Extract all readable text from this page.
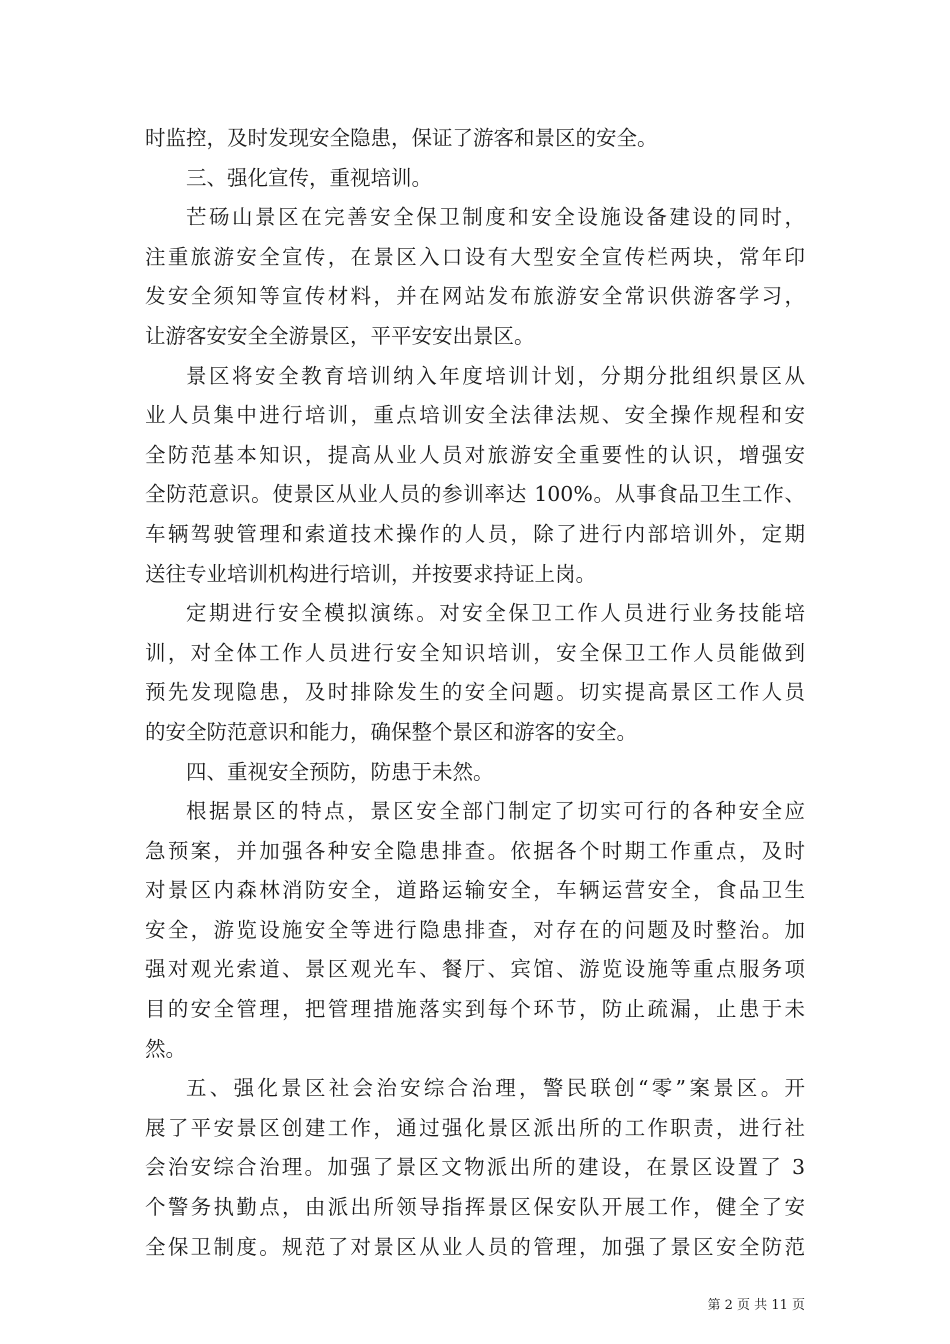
时监控，及时发现安全隐患，保证了游客和景区的安全。
三、强化宣传，重视培训。
芒砀山景区在完善安全保卫制度和安全设施设备建设的同时，
注重旅游安全宣传，在景区入口设有大型安全宣传栏两块，常年印
发安全须知等宣传材料，并在网站发布旅游安全常识供游客学习，
让游客安安全全游景区，平平安安出景区。
景区将安全教育培训纳入年度培训计划，分期分批组织景区从
业人员集中进行培训，重点培训安全法律法规、安全操作规程和安
全防范基本知识，提高从业人员对旅游安全重要性的认识，增强安
全防范意识。使景区从业人员的参训率达 100%。从事食品卫生工作、
车辆驾驶管理和索道技术操作的人员，除了进行内部培训外，定期
送往专业培训机构进行培训，并按要求持证上岗。
定期进行安全模拟演练。对安全保卫工作人员进行业务技能培
训，对全体工作人员进行安全知识培训，安全保卫工作人员能做到
预先发现隐患，及时排除发生的安全问题。切实提高景区工作人员
的安全防范意识和能力，确保整个景区和游客的安全。
四、重视安全预防，防患于未然。
根据景区的特点，景区安全部门制定了切实可行的各种安全应
急预案，并加强各种安全隐患排查。依据各个时期工作重点，及时
对景区内森林消防安全，道路运输安全，车辆运营安全，食品卫生
安全，游览设施安全等进行隐患排查，对存在的问题及时整治。加
强对观光索道、景区观光车、餐厅、宾馆、游览设施等重点服务项
目的安全管理，把管理措施落实到每个环节，防止疏漏，止患于未
然。
五、强化景区社会治安综合治理，警民联创“零”案景区。开
展了平安景区创建工作，通过强化景区派出所的工作职责，进行社
会治安综合治理。加强了景区文物派出所的建设，在景区设置了 3
个警务执勤点，由派出所领导指挥景区保安队开展工作，健全了安
全保卫制度。规范了对景区从业人员的管理，加强了景区安全防范
第 2 页 共 11 页
